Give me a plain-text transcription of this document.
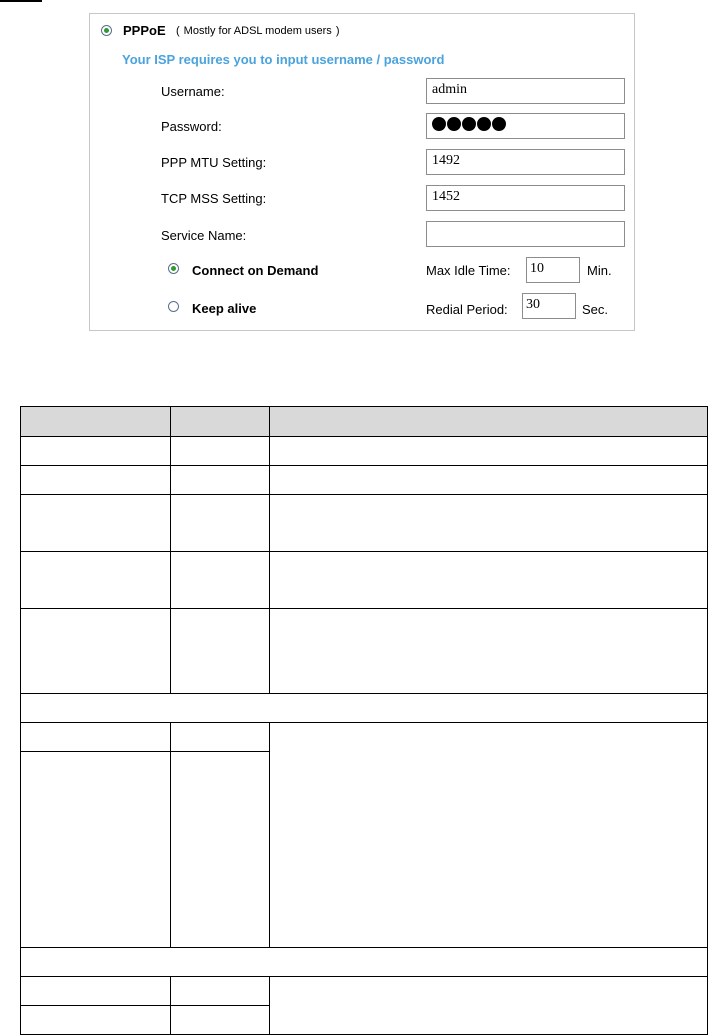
PPPoE ( Mostly for ADSL modem users )
Your ISP requires you to input username / password
Username:	admin
Password:
PPP MTU Setting:	1492
TCP MSS Setting:	1452
Service Name:
Connect on Demand	Max Idle Time: 10	Min.
Keep alive	Redial Period: 30	Sec.
